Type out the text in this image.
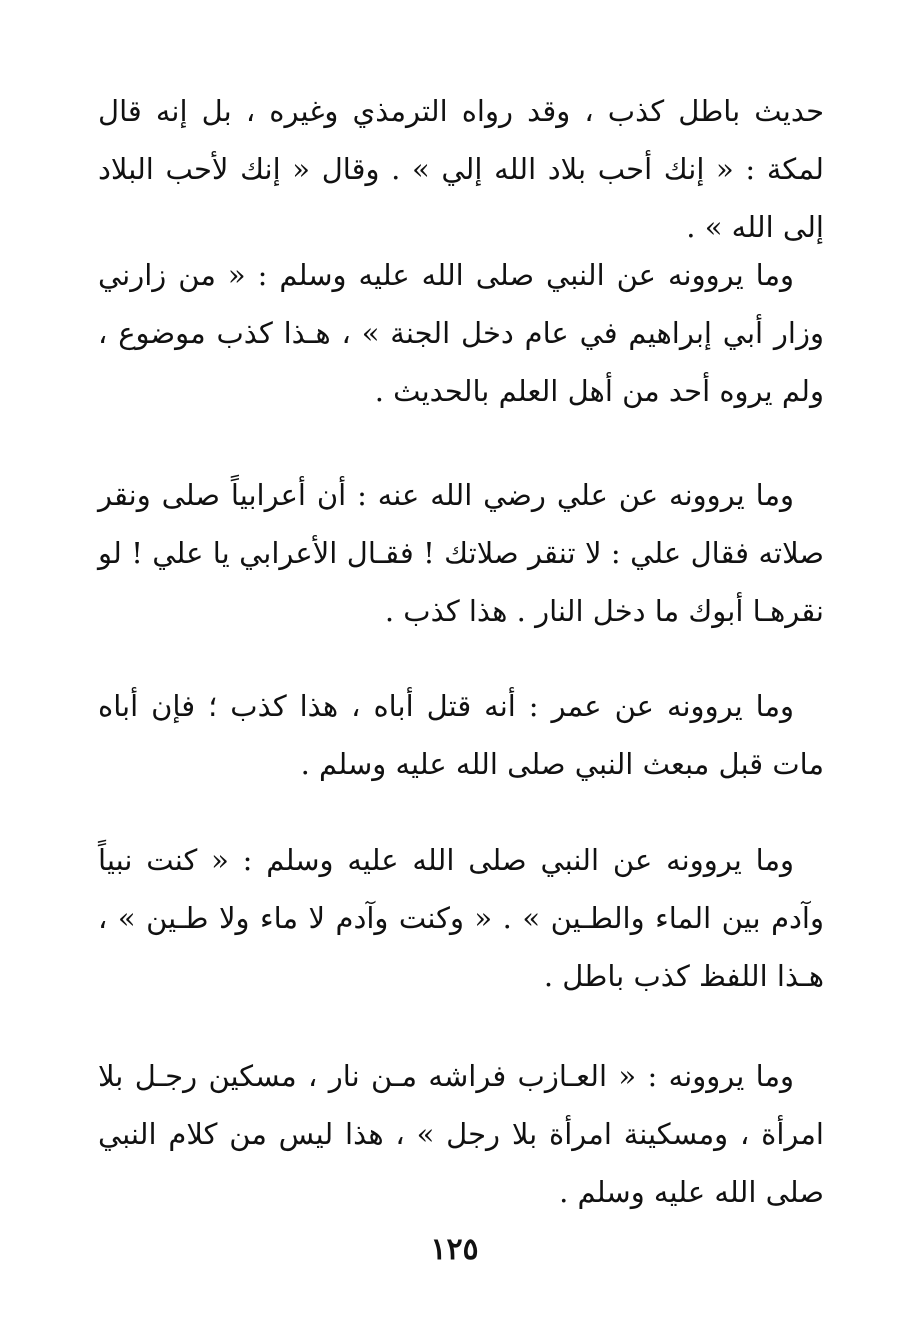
حديث باطل كذب ، وقد رواه الترمذي وغيره ، بل إنه قال لمكة : « إنك أحب بلاد الله إلي » . وقال « إنك لأحب البلاد إلى الله » .

وما يروونه عن النبي صلى الله عليه وسلم : « من زارني وزار أبي إبراهيم في عام دخل الجنة » ، هـذا كذب موضوع ، ولم يروه أحد من أهل العلم بالحديث .

وما يروونه عن علي رضي الله عنه : أن أعرابياً صلى ونقر صلاته فقال علي : لا تنقر صلاتك ! فقـال الأعرابي يا علي ! لو نقرهـا أبوك ما دخل النار . هذا كذب .

وما يروونه عن عمر : أنه قتل أباه ، هذا كذب ؛ فإن أباه مات قبل مبعث النبي صلى الله عليه وسلم .

وما يروونه عن النبي صلى الله عليه وسلم : « كنت نبياً وآدم بين الماء والطـين » . « وكنت وآدم لا ماء ولا طـين » ، هـذا اللفظ كذب باطل .

وما يروونه : « العـازب فراشه مـن نار ، مسكين رجـل بلا امرأة ، ومسكينة امرأة بلا رجل » ، هذا ليس من كلام النبي صلى الله عليه وسلم .

١٢٥
